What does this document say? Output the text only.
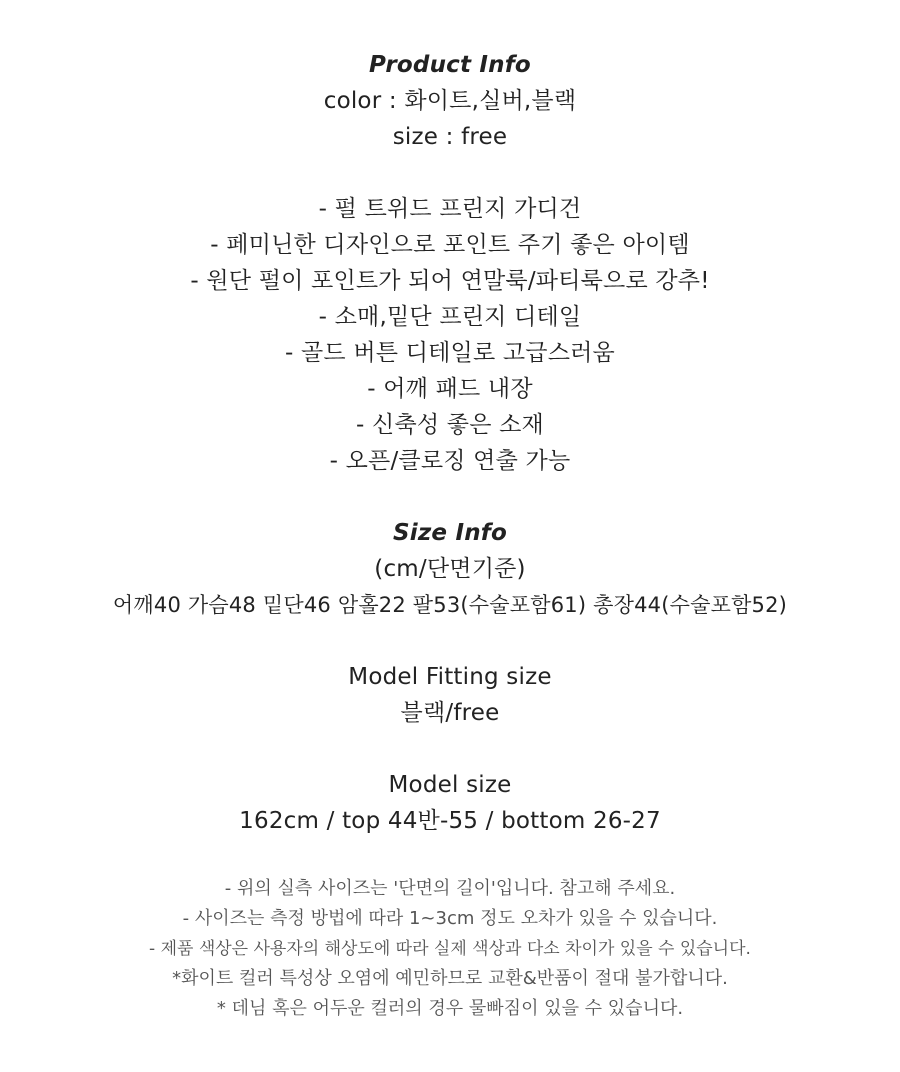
Product Info
color : 화이트,실버,블랙
size : free
- 펄 트위드 프린지 가디건
- 페미닌한 디자인으로 포인트 주기 좋은 아이템
- 원단 펄이 포인트가 되어 연말룩/파티룩으로 강추!
- 소매,밑단 프린지 디테일
- 골드 버튼 디테일로 고급스러움
- 어깨 패드 내장
- 신축성 좋은 소재
- 오픈/클로징 연출 가능
Size Info
(cm/단면기준)
어깨40 가슴48 밑단46 암홀22 팔53(수술포함61) 총장44(수술포함52)
Model Fitting size
블랙/free
Model size
162cm / top 44반-55 / bottom 26-27
- 위의 실측 사이즈는 '단면의 길이'입니다. 참고해 주세요.
- 사이즈는 측정 방법에 따라 1~3cm 정도 오차가 있을 수 있습니다.
- 제품 색상은 사용자의 해상도에 따라 실제 색상과 다소 차이가 있을 수 있습니다.
*화이트 컬러 특성상 오염에 예민하므로 교환&반품이 절대 불가합니다.
* 데님 혹은 어두운 컬러의 경우 물빠짐이 있을 수 있습니다.
